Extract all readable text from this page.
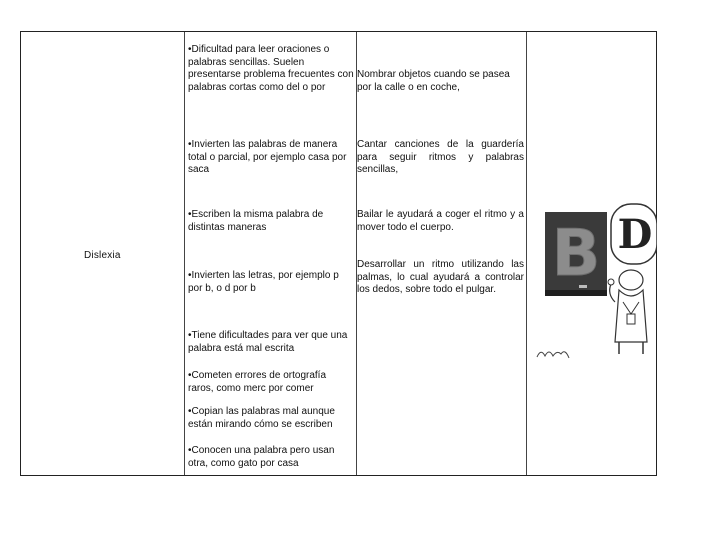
Dislexia
•Dificultad para leer oraciones o palabras sencillas. Suelen presentarse problema frecuentes con palabras cortas como del o por
•Invierten las palabras de manera total o parcial, por ejemplo casa por saca
•Escriben la misma palabra de distintas maneras
•Invierten las letras, por ejemplo p por b, o d por b
•Tiene dificultades para ver que una palabra está mal escrita
•Cometen errores de ortografía raros, como merc por comer
•Copian las palabras mal aunque están mirando cómo se escriben
•Conocen una palabra pero usan otra, como gato por casa
Nombrar objetos cuando se pasea por la calle o en coche,
Cantar canciones de la guardería para seguir ritmos y palabras sencillas,
Bailar le ayudará a coger el ritmo y a mover todo el cuerpo.
Desarrollar un ritmo utilizando las palmas, lo cual ayudará a controlar los dedos, sobre todo el pulgar. B D
